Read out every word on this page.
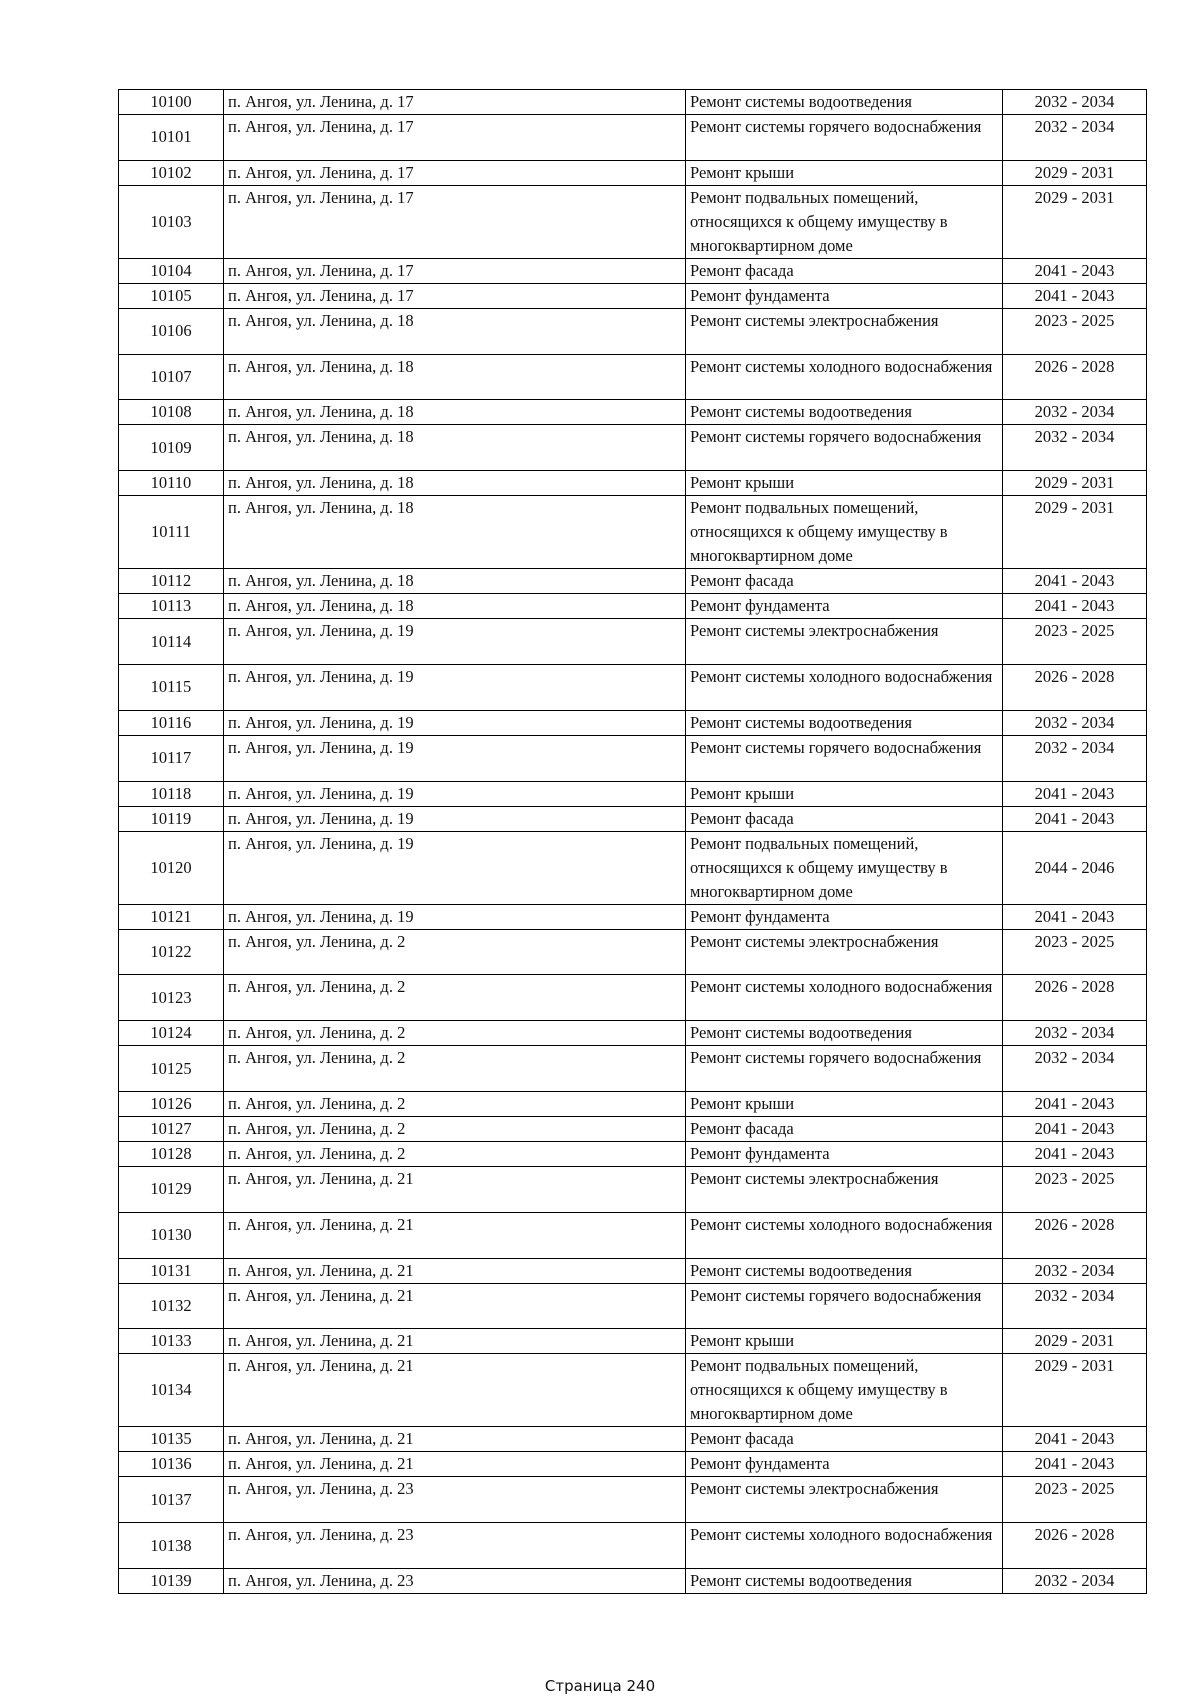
10100	п. Ангоя, ул. Ленина, д. 17	Ремонт системы водоотведения	2032 - 2034
10101	п. Ангоя, ул. Ленина, д. 17	Ремонт системы горячего водоснабжения	2032 - 2034
10102	п. Ангоя, ул. Ленина, д. 17	Ремонт крыши	2029 - 2031
10103	п. Ангоя, ул. Ленина, д. 17	Ремонт подвальных помещений, относящихся к общему имуществу в многоквартирном доме	2029 - 2031
10104	п. Ангоя, ул. Ленина, д. 17	Ремонт фасада	2041 - 2043
10105	п. Ангоя, ул. Ленина, д. 17	Ремонт фундамента	2041 - 2043
10106	п. Ангоя, ул. Ленина, д. 18	Ремонт системы электроснабжения	2023 - 2025
10107	п. Ангоя, ул. Ленина, д. 18	Ремонт системы холодного водоснабжения	2026 - 2028
10108	п. Ангоя, ул. Ленина, д. 18	Ремонт системы водоотведения	2032 - 2034
10109	п. Ангоя, ул. Ленина, д. 18	Ремонт системы горячего водоснабжения	2032 - 2034
10110	п. Ангоя, ул. Ленина, д. 18	Ремонт крыши	2029 - 2031
10111	п. Ангоя, ул. Ленина, д. 18	Ремонт подвальных помещений, относящихся к общему имуществу в многоквартирном доме	2029 - 2031
10112	п. Ангоя, ул. Ленина, д. 18	Ремонт фасада	2041 - 2043
10113	п. Ангоя, ул. Ленина, д. 18	Ремонт фундамента	2041 - 2043
10114	п. Ангоя, ул. Ленина, д. 19	Ремонт системы электроснабжения	2023 - 2025
10115	п. Ангоя, ул. Ленина, д. 19	Ремонт системы холодного водоснабжения	2026 - 2028
10116	п. Ангоя, ул. Ленина, д. 19	Ремонт системы водоотведения	2032 - 2034
10117	п. Ангоя, ул. Ленина, д. 19	Ремонт системы горячего водоснабжения	2032 - 2034
10118	п. Ангоя, ул. Ленина, д. 19	Ремонт крыши	2041 - 2043
10119	п. Ангоя, ул. Ленина, д. 19	Ремонт фасада	2041 - 2043
10120	п. Ангоя, ул. Ленина, д. 19	Ремонт подвальных помещений, относящихся к общему имуществу в многоквартирном доме	2044 - 2046
10121	п. Ангоя, ул. Ленина, д. 19	Ремонт фундамента	2041 - 2043
10122	п. Ангоя, ул. Ленина, д. 2	Ремонт системы электроснабжения	2023 - 2025
10123	п. Ангоя, ул. Ленина, д. 2	Ремонт системы холодного водоснабжения	2026 - 2028
10124	п. Ангоя, ул. Ленина, д. 2	Ремонт системы водоотведения	2032 - 2034
10125	п. Ангоя, ул. Ленина, д. 2	Ремонт системы горячего водоснабжения	2032 - 2034
10126	п. Ангоя, ул. Ленина, д. 2	Ремонт крыши	2041 - 2043
10127	п. Ангоя, ул. Ленина, д. 2	Ремонт фасада	2041 - 2043
10128	п. Ангоя, ул. Ленина, д. 2	Ремонт фундамента	2041 - 2043
10129	п. Ангоя, ул. Ленина, д. 21	Ремонт системы электроснабжения	2023 - 2025
10130	п. Ангоя, ул. Ленина, д. 21	Ремонт системы холодного водоснабжения	2026 - 2028
10131	п. Ангоя, ул. Ленина, д. 21	Ремонт системы водоотведения	2032 - 2034
10132	п. Ангоя, ул. Ленина, д. 21	Ремонт системы горячего водоснабжения	2032 - 2034
10133	п. Ангоя, ул. Ленина, д. 21	Ремонт крыши	2029 - 2031
10134	п. Ангоя, ул. Ленина, д. 21	Ремонт подвальных помещений, относящихся к общему имуществу в многоквартирном доме	2029 - 2031
10135	п. Ангоя, ул. Ленина, д. 21	Ремонт фасада	2041 - 2043
10136	п. Ангоя, ул. Ленина, д. 21	Ремонт фундамента	2041 - 2043
10137	п. Ангоя, ул. Ленина, д. 23	Ремонт системы электроснабжения	2023 - 2025
10138	п. Ангоя, ул. Ленина, д. 23	Ремонт системы холодного водоснабжения	2026 - 2028
10139	п. Ангоя, ул. Ленина, д. 23	Ремонт системы водоотведения	2032 - 2034
Страница 240
